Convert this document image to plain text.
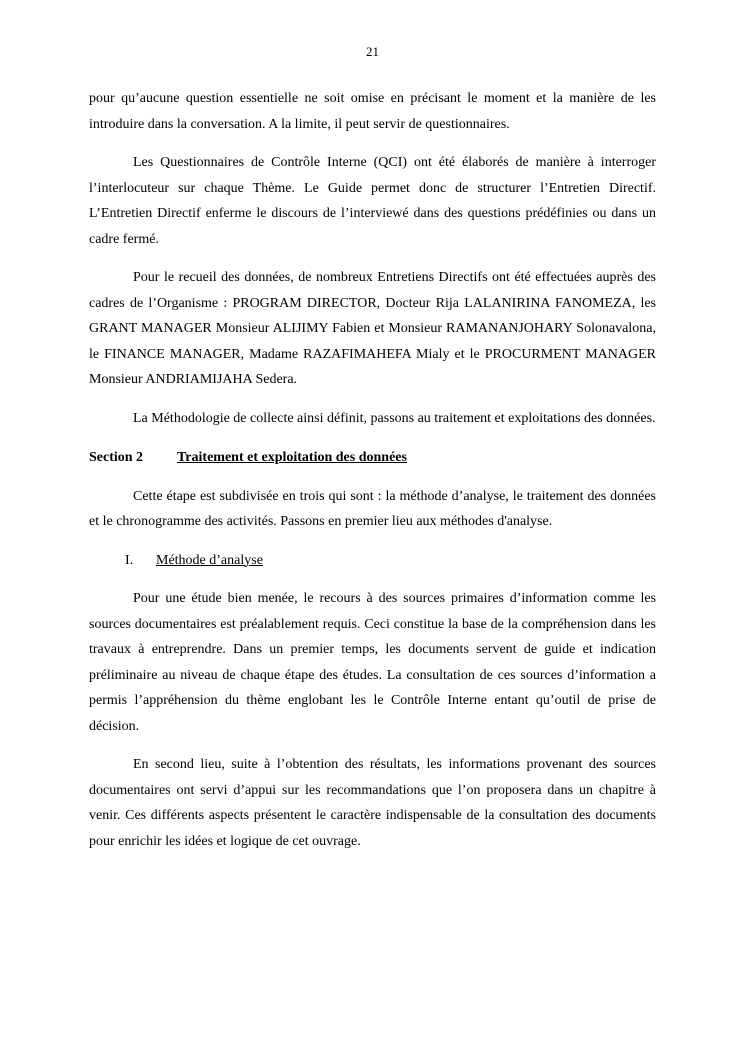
21

pour qu’aucune question essentielle ne soit omise en précisant le moment et la manière de les introduire dans la conversation. A la limite, il peut servir de questionnaires.

Les Questionnaires de Contrôle Interne (QCI) ont été élaborés de manière à interroger l’interlocuteur sur chaque Thème. Le Guide permet donc de structurer l’Entretien Directif. L’Entretien Directif enferme le discours de l’interviewé dans des questions prédéfinies ou dans un cadre fermé.

Pour le recueil des données, de nombreux Entretiens Directifs ont été effectuées auprès des cadres de l’Organisme : PROGRAM DIRECTOR, Docteur Rija LALANIRINA FANOMEZA, les GRANT MANAGER Monsieur ALIJIMY Fabien et Monsieur RAMANANJOHARY Solonavalona, le FINANCE MANAGER, Madame RAZAFIMAHEFA Mialy et le PROCURMENT MANAGER Monsieur ANDRIAMIJAHA Sedera.

La Méthodologie de collecte ainsi définit, passons au traitement et exploitations des données.

Section 2	Traitement et exploitation des données

Cette étape est subdivisée en trois qui sont : la méthode d’analyse, le traitement des données et le chronogramme des activités. Passons en premier lieu aux méthodes d'analyse.

I.	Méthode d’analyse

Pour une étude bien menée, le recours à des sources primaires d’information comme les sources documentaires est préalablement requis. Ceci constitue la base de la compréhension dans les travaux à entreprendre. Dans un premier temps, les documents servent de guide et indication préliminaire au niveau de chaque étape des études. La consultation de ces sources d’information a permis l’appréhension du thème englobant les le Contrôle Interne entant qu’outil de prise de décision.

En second lieu, suite à l’obtention des résultats, les informations provenant des sources documentaires ont servi d’appui sur les recommandations que l’on proposera dans un chapitre à venir. Ces différents aspects présentent le caractère indispensable de la consultation des documents pour enrichir les idées et logique de cet ouvrage.
